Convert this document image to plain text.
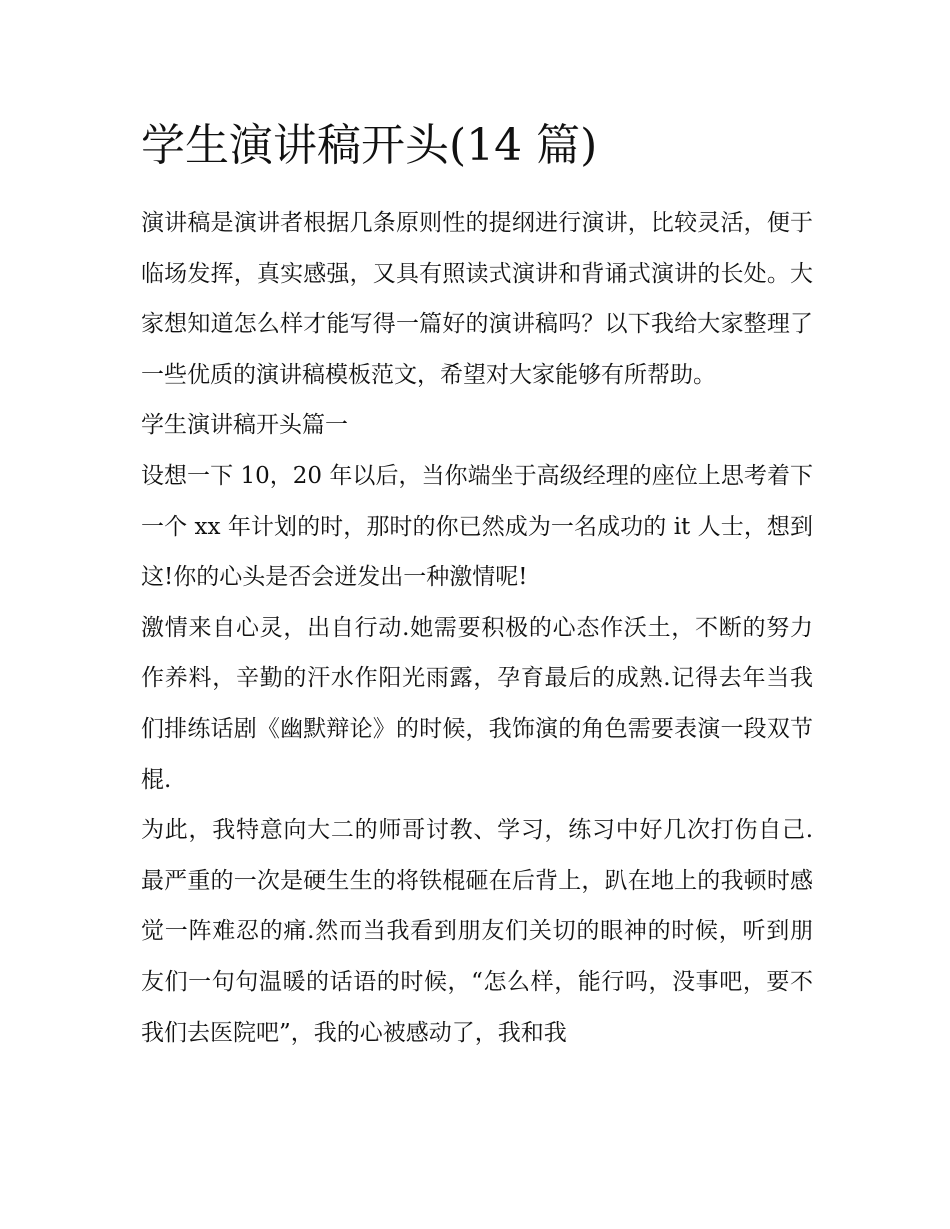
学生演讲稿开头(14 篇)

演讲稿是演讲者根据几条原则性的提纲进行演讲，比较灵活，便于临场发挥，真实感强，又具有照读式演讲和背诵式演讲的长处。大家想知道怎么样才能写得一篇好的演讲稿吗？以下我给大家整理了一些优质的演讲稿模板范文，希望对大家能够有所帮助。

学生演讲稿开头篇一

设想一下 10，20 年以后，当你端坐于高级经理的座位上思考着下一个 xx 年计划的时，那时的你已然成为一名成功的 it 人士，想到这!你的心头是否会迸发出一种激情呢!

激情来自心灵，出自行动.她需要积极的心态作沃土，不断的努力作养料，辛勤的汗水作阳光雨露，孕育最后的成熟.记得去年当我们排练话剧《幽默辩论》的时候，我饰演的角色需要表演一段双节棍.

为此，我特意向大二的师哥讨教、学习，练习中好几次打伤自己.最严重的一次是硬生生的将铁棍砸在后背上，趴在地上的我顿时感觉一阵难忍的痛.然而当我看到朋友们关切的眼神的时候，听到朋友们一句句温暖的话语的时候，“怎么样，能行吗，没事吧，要不我们去医院吧”，我的心被感动了，我和我
